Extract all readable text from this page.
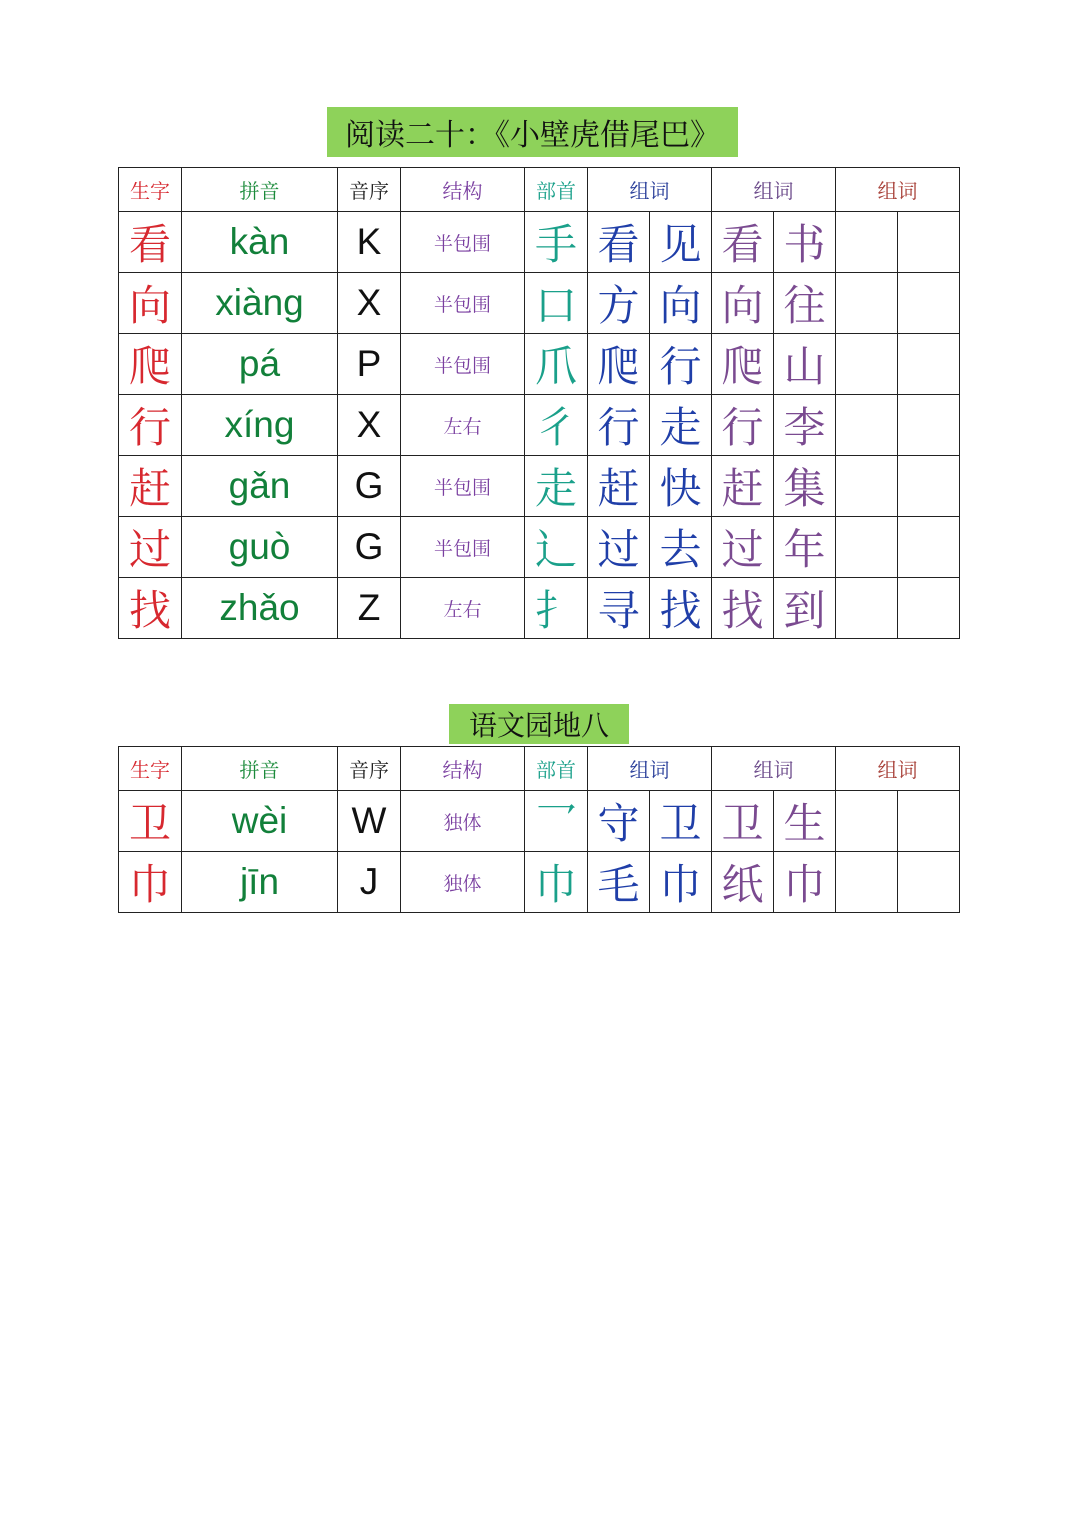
阅读二十：《小壁虎借尾巴》
生字	拼音	音序	结构	部首	组词		组词		组词	
看	kàn	K	半包围	手	看	见	看	书		
向	xiàng	X	半包围	口	方	向	向	往		
爬	pá	P	半包围	爪	爬	行	爬	山		
行	xíng	X	左右	彳	行	走	行	李		
赶	gǎn	G	半包围	走	赶	快	赶	集		
过	guò	G	半包围	辶	过	去	过	年		
找	zhǎo	Z	左右	扌	寻	找	找	到		
语文园地八
生字	拼音	音序	结构	部首	组词		组词		组词	
卫	wèi	W	独体	乛	守	卫	卫	生		
巾	jīn	J	独体	巾	毛	巾	纸	巾		
